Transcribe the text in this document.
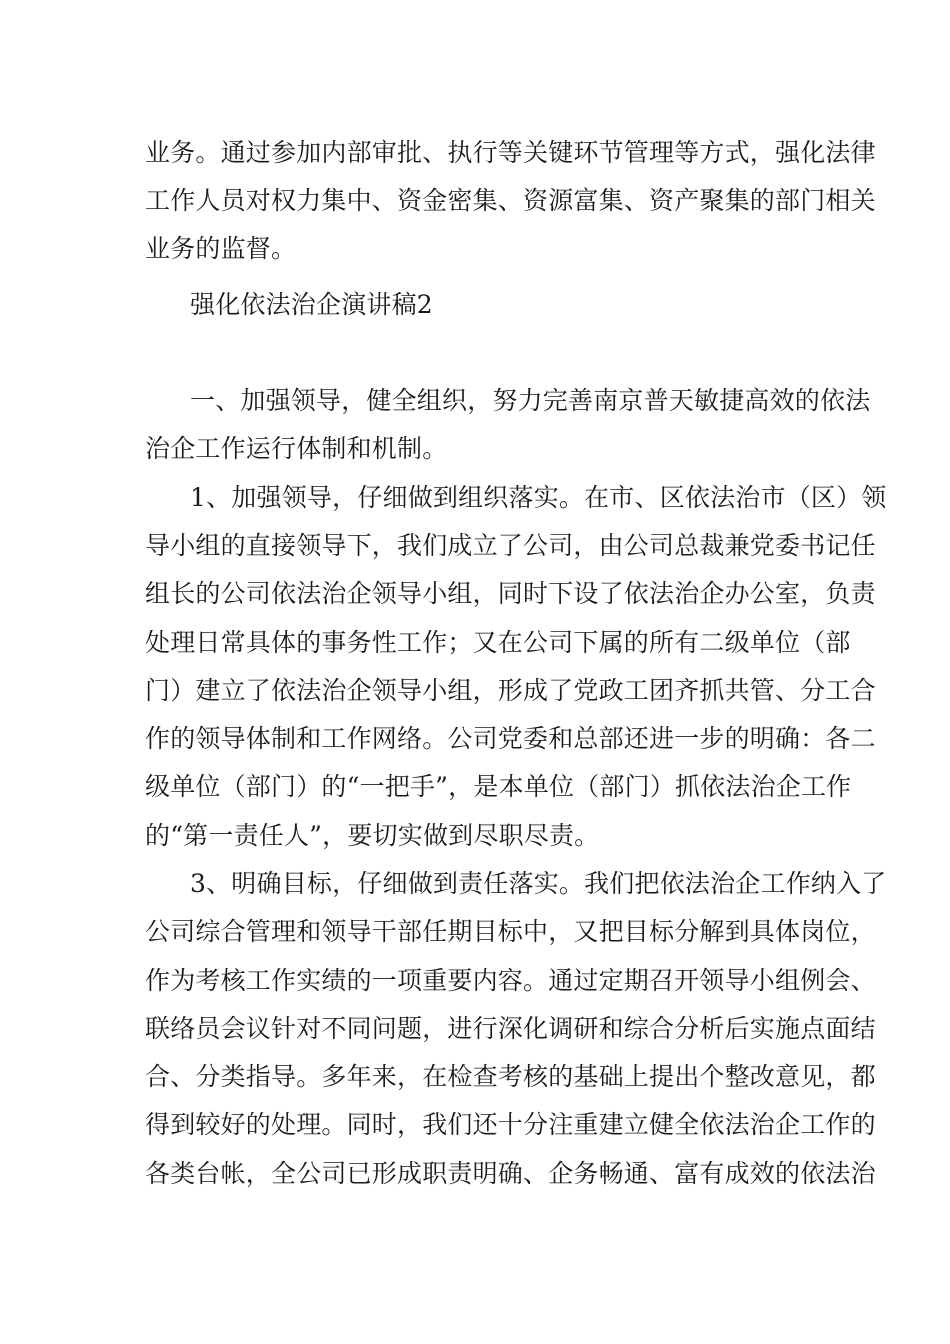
业务。通过参加内部审批、执行等关键环节管理等方式，强化法律
工作人员对权力集中、资金密集、资源富集、资产聚集的部门相关
业务的监督。
强化依法治企演讲稿2
一、加强领导，健全组织，努力完善南京普天敏捷高效的依法
治企工作运行体制和机制。
1、加强领导，仔细做到组织落实。在市、区依法治市（区）领
导小组的直接领导下，我们成立了公司，由公司总裁兼党委书记任
组长的公司依法治企领导小组，同时下设了依法治企办公室，负责
处理日常具体的事务性工作；又在公司下属的所有二级单位（部
门）建立了依法治企领导小组，形成了党政工团齐抓共管、分工合
作的领导体制和工作网络。公司党委和总部还进一步的明确：各二
级单位（部门）的“一把手”，是本单位（部门）抓依法治企工作
的“第一责任人”，要切实做到尽职尽责。
3、明确目标，仔细做到责任落实。我们把依法治企工作纳入了
公司综合管理和领导干部任期目标中，又把目标分解到具体岗位，
作为考核工作实绩的一项重要内容。通过定期召开领导小组例会、
联络员会议针对不同问题，进行深化调研和综合分析后实施点面结
合、分类指导。多年来，在检查考核的基础上提出个整改意见，都
得到较好的处理。同时，我们还十分注重建立健全依法治企工作的
各类台帐，全公司已形成职责明确、企务畅通、富有成效的依法治
